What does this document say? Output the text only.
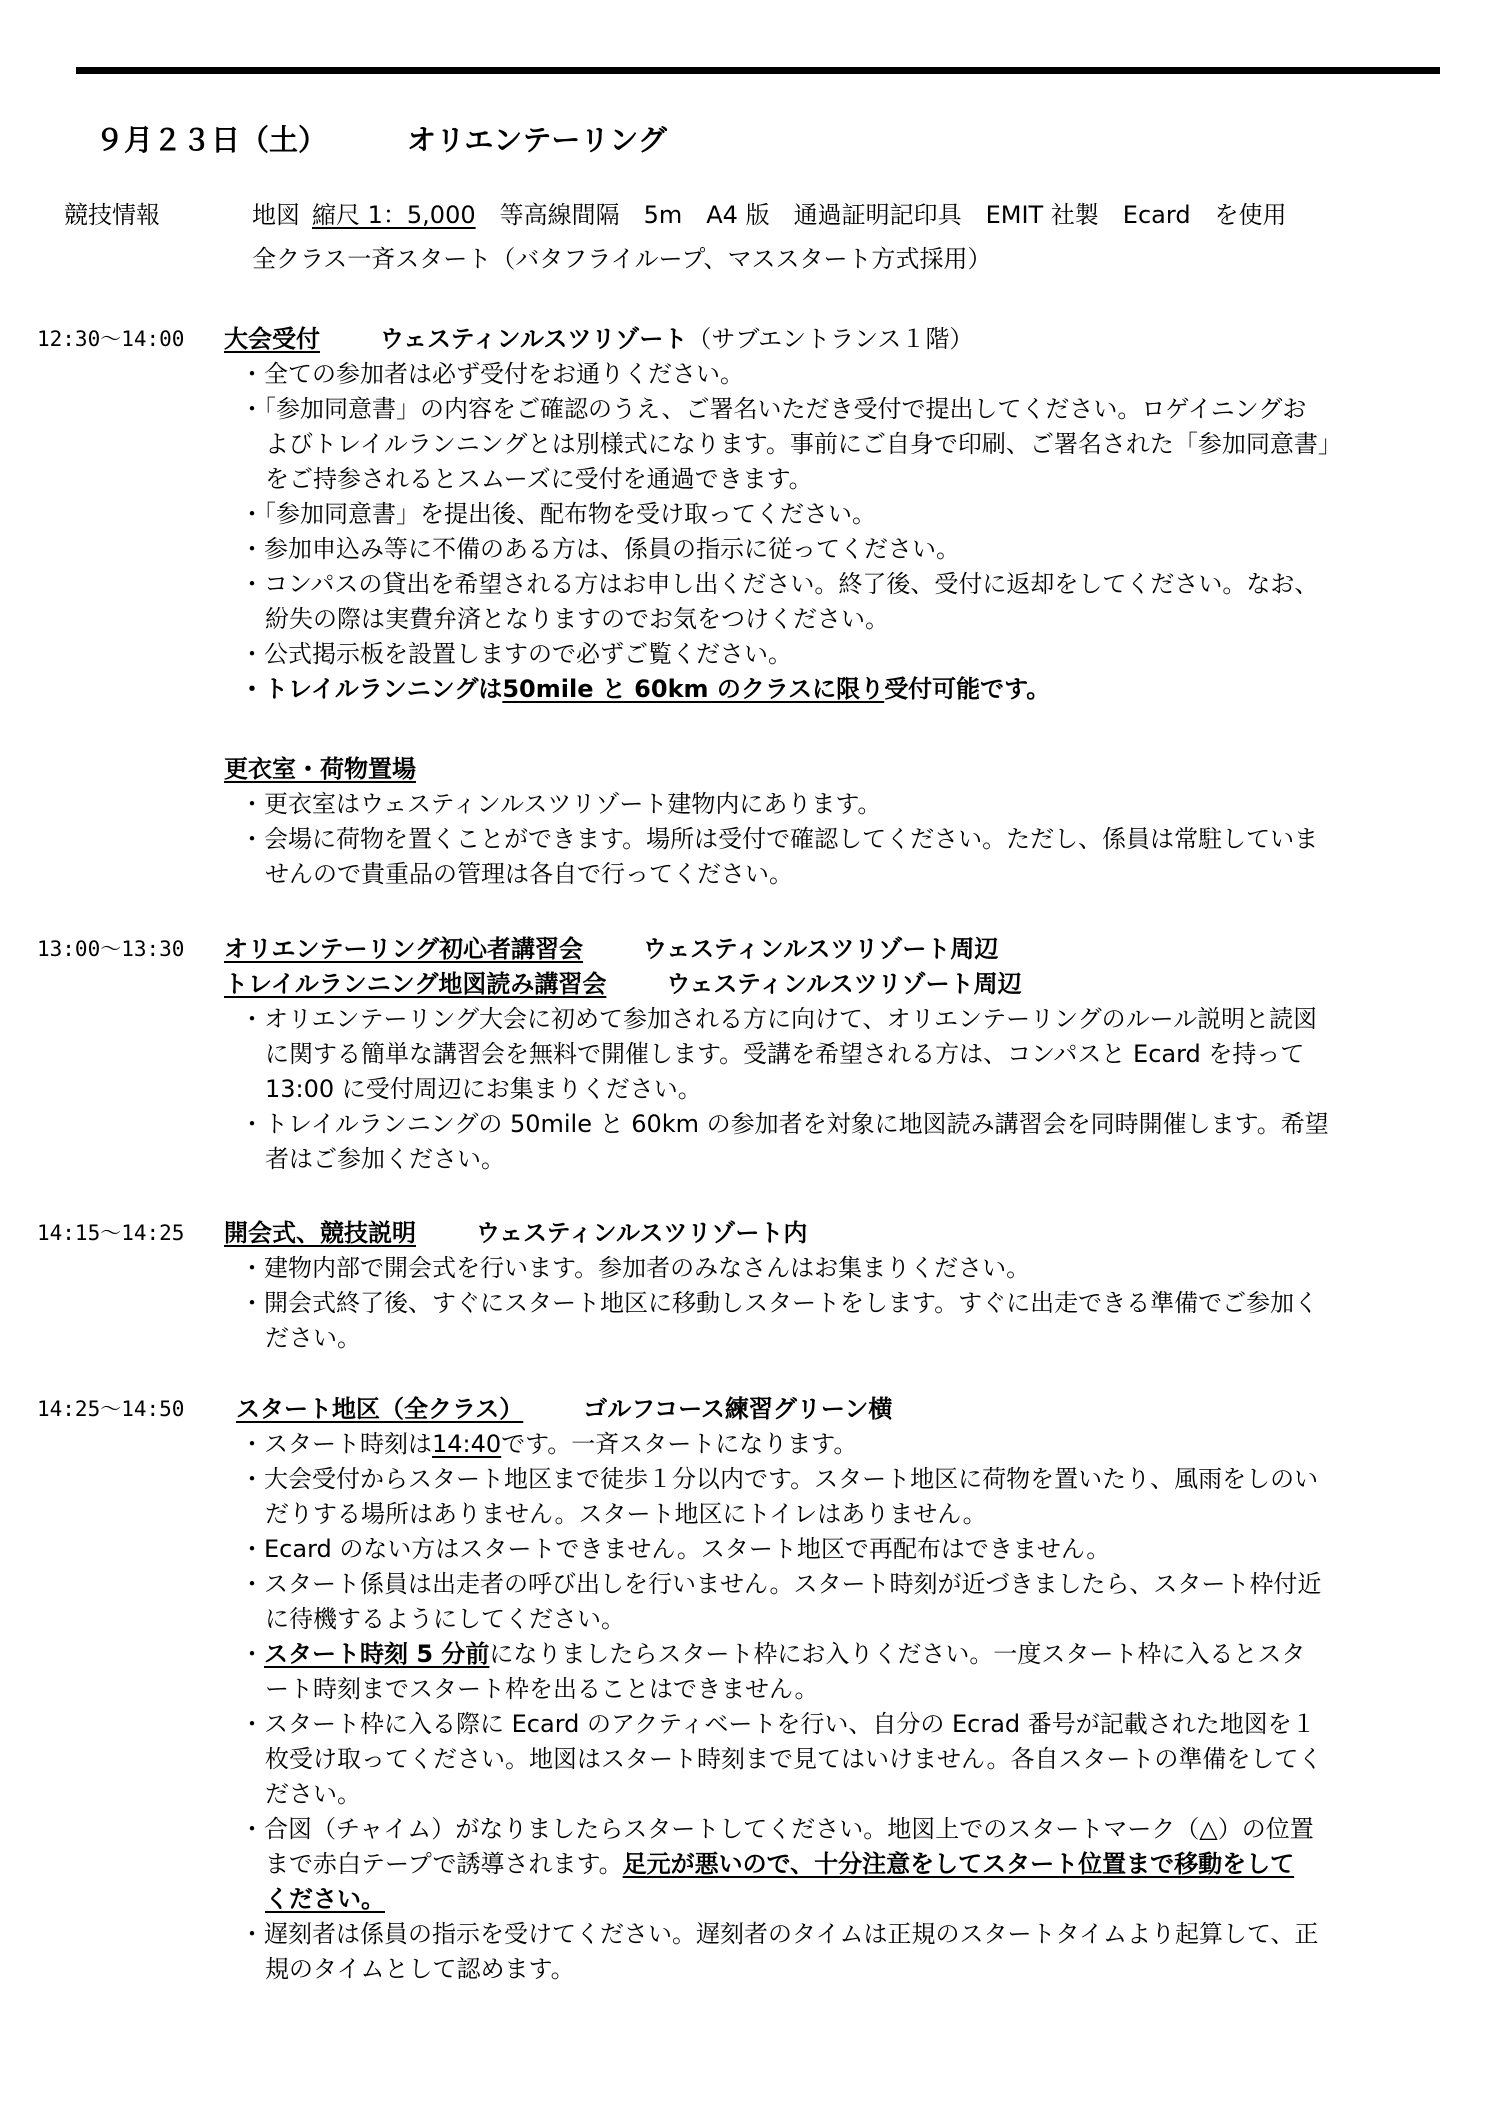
９月２３日（土）	オリエンテーリング
競技情報	地図 縮尺 1：5,000 等高線間隔　5m　A4 版　通過証明記印具　EMIT 社製　Ecard　を使用
全クラス一斉スタート（バタフライループ、マススタート方式採用）
12:30～14:00 大会受付	ウェスティンルスツリゾート（サブエントランス１階）
・全ての参加者は必ず受付をお通りください。
・「参加同意書」の内容をご確認のうえ、ご署名いただき受付で提出してください。ロゲイニングお
よびトレイルランニングとは別様式になります。事前にご自身で印刷、ご署名された「参加同意書」
をご持参されるとスムーズに受付を通過できます。
・「参加同意書」を提出後、配布物を受け取ってください。
・参加申込み等に不備のある方は、係員の指示に従ってください。
・コンパスの貸出を希望される方はお申し出ください。終了後、受付に返却をしてください。なお、
紛失の際は実費弁済となりますのでお気をつけください。
・公式掲示板を設置しますので必ずご覧ください。
・トレイルランニングは50mile と 60km のクラスに限り受付可能です。
更衣室・荷物置場
・更衣室はウェスティンルスツリゾート建物内にあります。
・会場に荷物を置くことができます。場所は受付で確認してください。ただし、係員は常駐していま
せんので貴重品の管理は各自で行ってください。
13:00～13:30 オリエンテーリング初心者講習会	ウェスティンルスツリゾート周辺
トレイルランニング地図読み講習会	ウェスティンルスツリゾート周辺
・オリエンテーリング大会に初めて参加される方に向けて、オリエンテーリングのルール説明と読図
に関する簡単な講習会を無料で開催します。受講を希望される方は、コンパスと Ecard を持って
13:00 に受付周辺にお集まりください。
・トレイルランニングの 50mile と 60km の参加者を対象に地図読み講習会を同時開催します。希望
者はご参加ください。
14:15～14:25 開会式、競技説明	ウェスティンルスツリゾート内
・建物内部で開会式を行います。参加者のみなさんはお集まりください。
・開会式終了後、すぐにスタート地区に移動しスタートをします。すぐに出走できる準備でご参加く
ださい。
14:25～14:50 スタート地区（全クラス）	ゴルフコース練習グリーン横
・スタート時刻は14:40です。一斉スタートになります。
・大会受付からスタート地区まで徒歩１分以内です。スタート地区に荷物を置いたり、風雨をしのい
だりする場所はありません。スタート地区にトイレはありません。
・Ecard のない方はスタートできません。スタート地区で再配布はできません。
・スタート係員は出走者の呼び出しを行いません。スタート時刻が近づきましたら、スタート枠付近
に待機するようにしてください。
・スタート時刻 5 分前になりましたらスタート枠にお入りください。一度スタート枠に入るとスタ
ート時刻までスタート枠を出ることはできません。
・スタート枠に入る際に Ecard のアクティベートを行い、自分の Ecrad 番号が記載された地図を１
枚受け取ってください。地図はスタート時刻まで見てはいけません。各自スタートの準備をしてく
ださい。
・合図（チャイム）がなりましたらスタートしてください。地図上でのスタートマーク（△）の位置
まで赤白テープで誘導されます。足元が悪いので、十分注意をしてスタート位置まで移動をして
ください。
・遅刻者は係員の指示を受けてください。遅刻者のタイムは正規のスタートタイムより起算して、正
規のタイムとして認めます。
